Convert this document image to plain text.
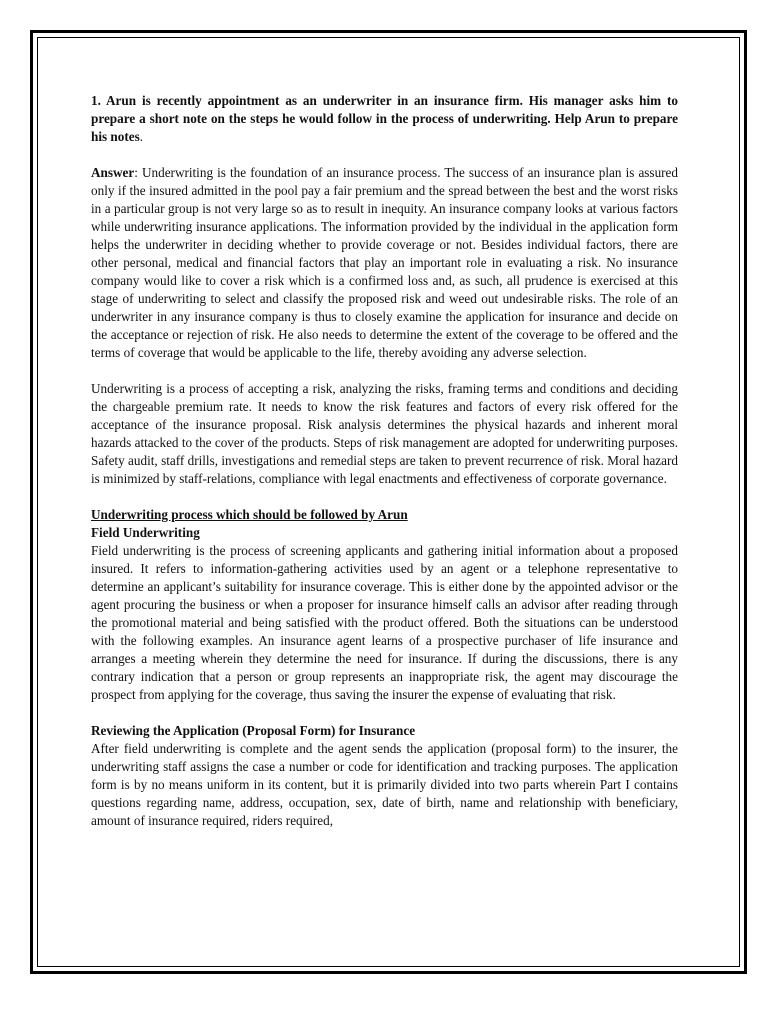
1. Arun is recently appointment as an underwriter in an insurance firm. His manager asks him to prepare a short note on the steps he would follow in the process of underwriting. Help Arun to prepare his notes.

Answer: Underwriting is the foundation of an insurance process. The success of an insurance plan is assured only if the insured admitted in the pool pay a fair premium and the spread between the best and the worst risks in a particular group is not very large so as to result in inequity. An insurance company looks at various factors while underwriting insurance applications. The information provided by the individual in the application form helps the underwriter in deciding whether to provide coverage or not. Besides individual factors, there are other personal, medical and financial factors that play an important role in evaluating a risk. No insurance company would like to cover a risk which is a confirmed loss and, as such, all prudence is exercised at this stage of underwriting to select and classify the proposed risk and weed out undesirable risks. The role of an underwriter in any insurance company is thus to closely examine the application for insurance and decide on the acceptance or rejection of risk. He also needs to determine the extent of the coverage to be offered and the terms of coverage that would be applicable to the life, thereby avoiding any adverse selection.

Underwriting is a process of accepting a risk, analyzing the risks, framing terms and conditions and deciding the chargeable premium rate. It needs to know the risk features and factors of every risk offered for the acceptance of the insurance proposal. Risk analysis determines the physical hazards and inherent moral hazards attacked to the cover of the products. Steps of risk management are adopted for underwriting purposes. Safety audit, staff drills, investigations and remedial steps are taken to prevent recurrence of risk. Moral hazard is minimized by staff-relations, compliance with legal enactments and effectiveness of corporate governance.

Underwriting process which should be followed by Arun

Field Underwriting

Field underwriting is the process of screening applicants and gathering initial information about a proposed insured. It refers to information-gathering activities used by an agent or a telephone representative to determine an applicant’s suitability for insurance coverage. This is either done by the appointed advisor or the agent procuring the business or when a proposer for insurance himself calls an advisor after reading through the promotional material and being satisfied with the product offered. Both the situations can be understood with the following examples. An insurance agent learns of a prospective purchaser of life insurance and arranges a meeting wherein they determine the need for insurance. If during the discussions, there is any contrary indication that a person or group represents an inappropriate risk, the agent may discourage the prospect from applying for the coverage, thus saving the insurer the expense of evaluating that risk.

Reviewing the Application (Proposal Form) for Insurance

After field underwriting is complete and the agent sends the application (proposal form) to the insurer, the underwriting staff assigns the case a number or code for identification and tracking purposes. The application form is by no means uniform in its content, but it is primarily divided into two parts wherein Part I contains questions regarding name, address, occupation, sex, date of birth, name and relationship with beneficiary, amount of insurance required, riders required,
